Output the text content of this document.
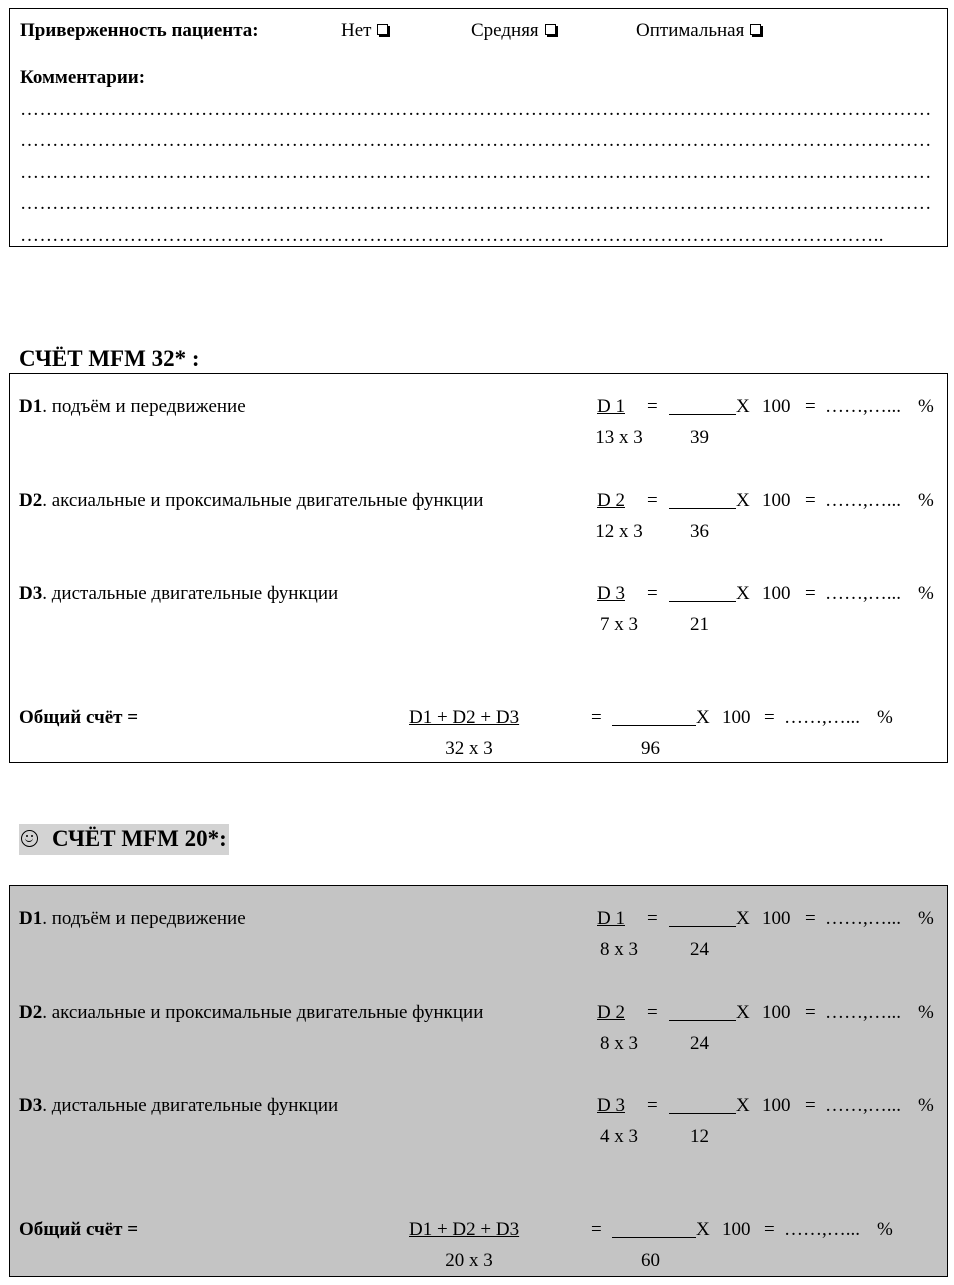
Приверженность пациента:	Нет	Средняя	Оптимальная
Комментарии:
……………………………………………………………………………………………………………………………
……………………………………………………………………………………………………………………………
……………………………………………………………………………………………………………………………
……………………………………………………………………………………………………………………………
……………………………………………………………………………………………………………………..
СЧЁТ MFM 32* :
D1. подъём и передвижение	D 1	=	X 100 = ……,…... %
13 x 3	39
D2. аксиальные и проксимальные двигательные функции	D 2	=	X 100 = ……,…... %
12 x 3	36
D3. дистальные двигательные функции	D 3	=	X 100 = ……,…... %
7 x 3	21
Общий счёт =	D1 + D2 + D3
32 x 3
=	X 100 = ……,…... %
96
СЧЁТ MFM 20*:
D1. подъём и передвижение	D 1	=	X 100 = ……,…... %
8 x 3	24
D2. аксиальные и проксимальные двигательные функции	D 2	=	X 100 = ……,…... %
8 x 3	24
D3. дистальные двигательные функции	D 3	=	X 100 = ……,…... %
4 x 3	12
Общий счёт =	D1 + D2 + D3
20 x 3
=	X 100 = ……,…... %
60
